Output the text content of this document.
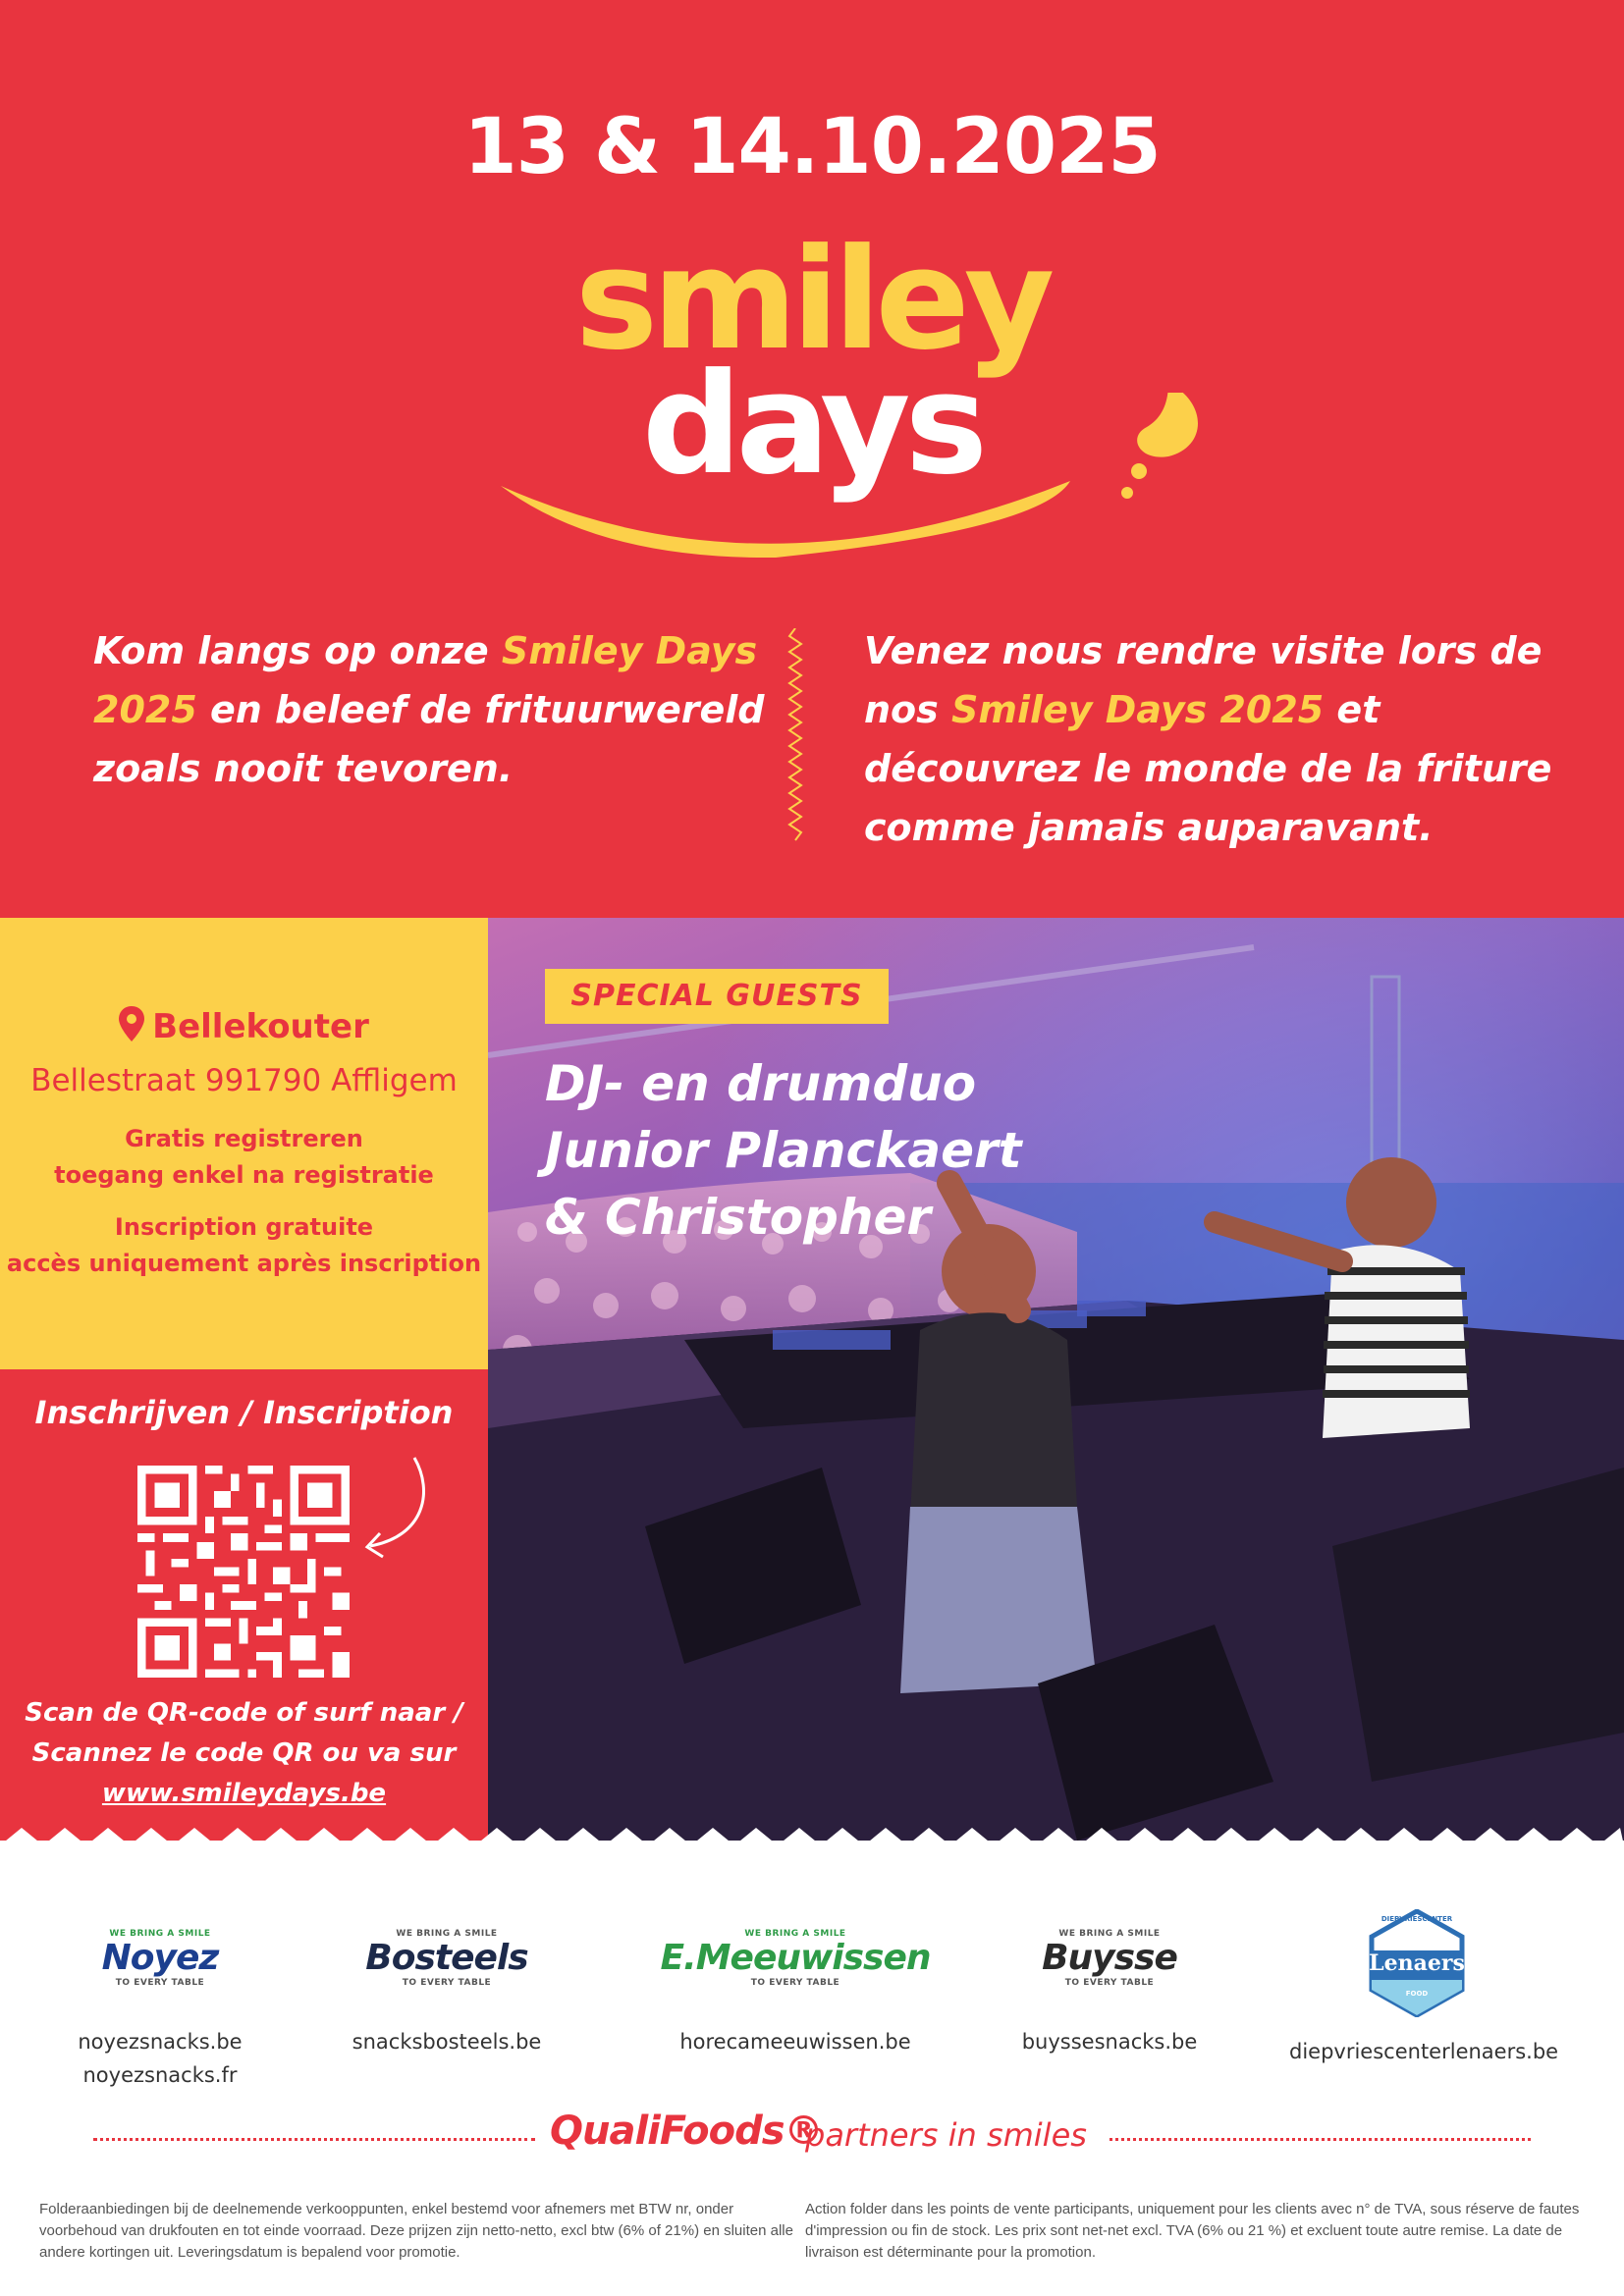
13 & 14.10.2025
smiley
days
Kom langs op onze Smiley Days 2025 en beleef de frituurwereld zoals nooit tevoren.
Venez nous rendre visite lors de nos Smiley Days 2025 et découvrez le monde de la friture comme jamais auparavant.
SPECIAL GUESTS
DJ- en drumduo
Junior Planckaert
& Christopher
Bellekouter
Bellestraat 991790 Affligem
Gratis registreren
toegang enkel na registratie
Inscription gratuite
accès uniquement après inscription
Inschrijven / Inscription
Scan de QR-code of surf naar /
Scannez le code QR ou va sur
www.smileydays.be
WE BRING A SMILE
Noyez
TO EVERY TABLE
noyezsnacks.be
noyezsnacks.fr
WE BRING A SMILE
Bosteels
TO EVERY TABLE
snacksbosteels.be
WE BRING A SMILE
E.Meeuwissen
TO EVERY TABLE
horecameeuwissen.be
WE BRING A SMILE
Buysse
TO EVERY TABLE
buyssesnacks.be
DIEPVRIESCENTER
Lenaers
FOOD
diepvriescenterlenaers.be
QualiFoods®
partners in smiles
Folderaanbiedingen bij de deelnemende verkooppunten, enkel bestemd voor afnemers met BTW nr, onder voorbehoud van drukfouten en tot einde voorraad. Deze prijzen zijn netto-netto, excl btw (6% of 21%) en sluiten alle andere kortingen uit. Leveringsdatum is bepalend voor promotie.
Action folder dans les points de vente participants, uniquement pour les clients avec n° de TVA, sous réserve de fautes d'impression ou fin de stock. Les prix sont net-net excl. TVA (6% ou 21 %) et excluent toute autre remise. La date de livraison est déterminante pour la promotion.
